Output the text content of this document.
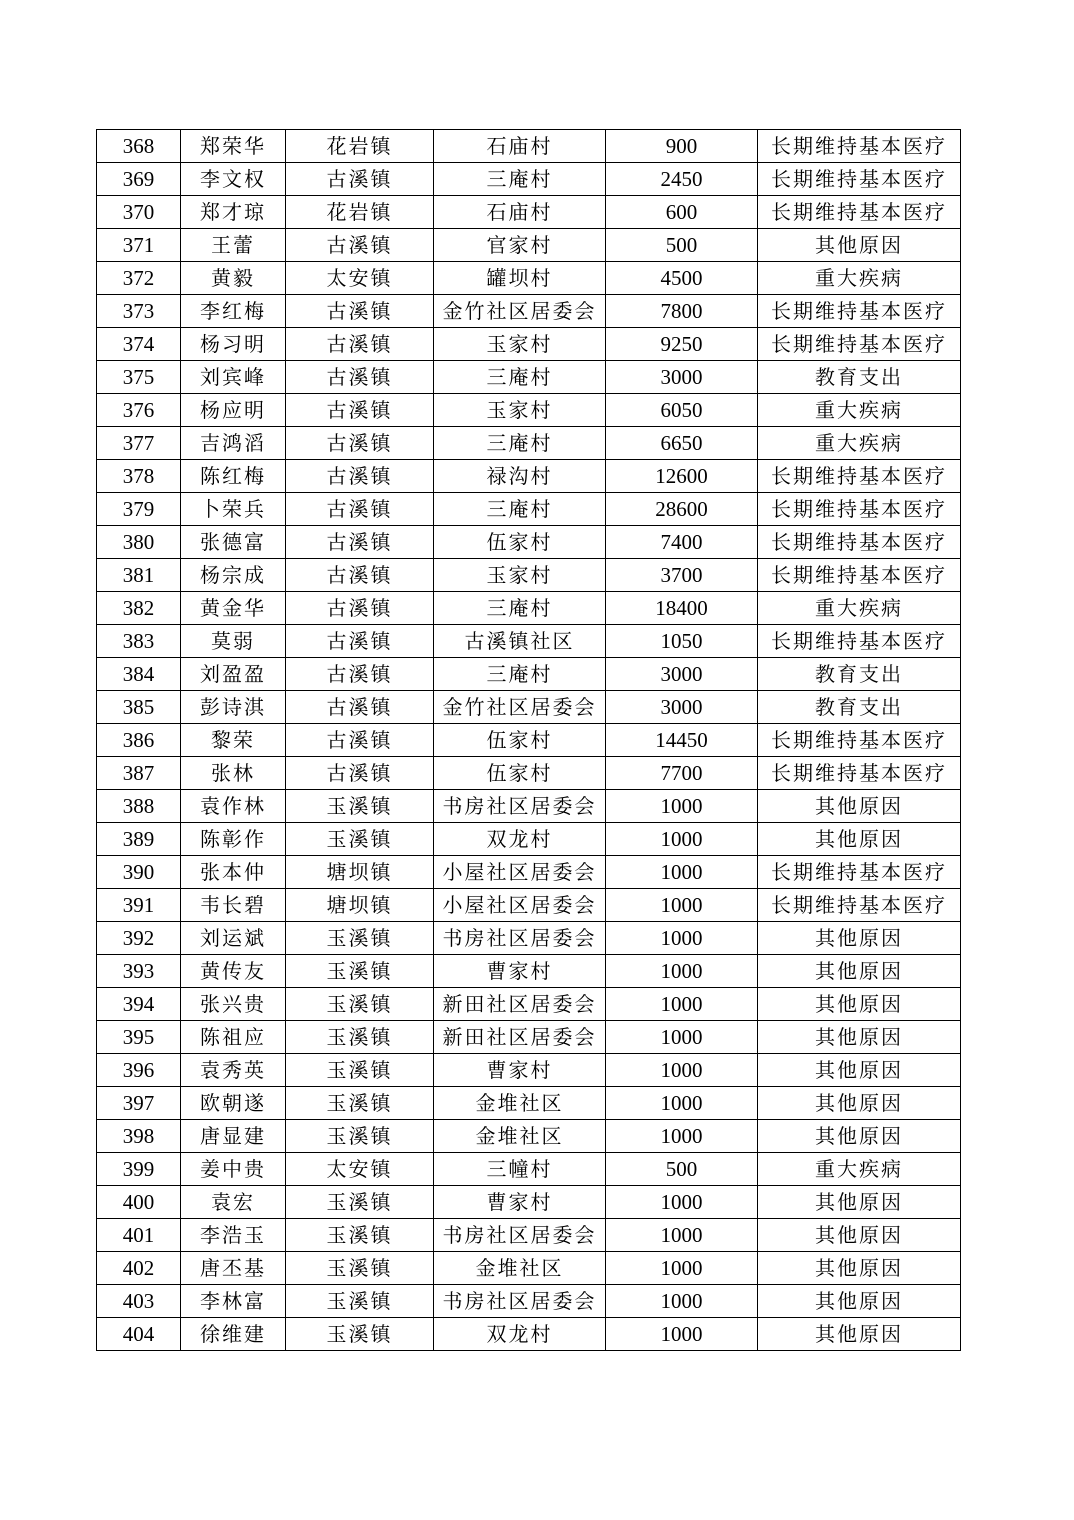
368	郑荣华	花岩镇	石庙村	900	长期维持基本医疗
369	李文权	古溪镇	三庵村	2450	长期维持基本医疗
370	郑才琼	花岩镇	石庙村	600	长期维持基本医疗
371	王蕾	古溪镇	官家村	500	其他原因
372	黄毅	太安镇	罐坝村	4500	重大疾病
373	李红梅	古溪镇	金竹社区居委会	7800	长期维持基本医疗
374	杨习明	古溪镇	玉家村	9250	长期维持基本医疗
375	刘宾峰	古溪镇	三庵村	3000	教育支出
376	杨应明	古溪镇	玉家村	6050	重大疾病
377	吉鸿滔	古溪镇	三庵村	6650	重大疾病
378	陈红梅	古溪镇	禄沟村	12600	长期维持基本医疗
379	卜荣兵	古溪镇	三庵村	28600	长期维持基本医疗
380	张德富	古溪镇	伍家村	7400	长期维持基本医疗
381	杨宗成	古溪镇	玉家村	3700	长期维持基本医疗
382	黄金华	古溪镇	三庵村	18400	重大疾病
383	莫弱	古溪镇	古溪镇社区	1050	长期维持基本医疗
384	刘盈盈	古溪镇	三庵村	3000	教育支出
385	彭诗淇	古溪镇	金竹社区居委会	3000	教育支出
386	黎荣	古溪镇	伍家村	14450	长期维持基本医疗
387	张林	古溪镇	伍家村	7700	长期维持基本医疗
388	袁作林	玉溪镇	书房社区居委会	1000	其他原因
389	陈彰作	玉溪镇	双龙村	1000	其他原因
390	张本仲	塘坝镇	小屋社区居委会	1000	长期维持基本医疗
391	韦长碧	塘坝镇	小屋社区居委会	1000	长期维持基本医疗
392	刘运斌	玉溪镇	书房社区居委会	1000	其他原因
393	黄传友	玉溪镇	曹家村	1000	其他原因
394	张兴贵	玉溪镇	新田社区居委会	1000	其他原因
395	陈祖应	玉溪镇	新田社区居委会	1000	其他原因
396	袁秀英	玉溪镇	曹家村	1000	其他原因
397	欧朝遂	玉溪镇	金堆社区	1000	其他原因
398	唐显建	玉溪镇	金堆社区	1000	其他原因
399	姜中贵	太安镇	三幢村	500	重大疾病
400	袁宏	玉溪镇	曹家村	1000	其他原因
401	李浩玉	玉溪镇	书房社区居委会	1000	其他原因
402	唐丕基	玉溪镇	金堆社区	1000	其他原因
403	李林富	玉溪镇	书房社区居委会	1000	其他原因
404	徐维建	玉溪镇	双龙村	1000	其他原因
